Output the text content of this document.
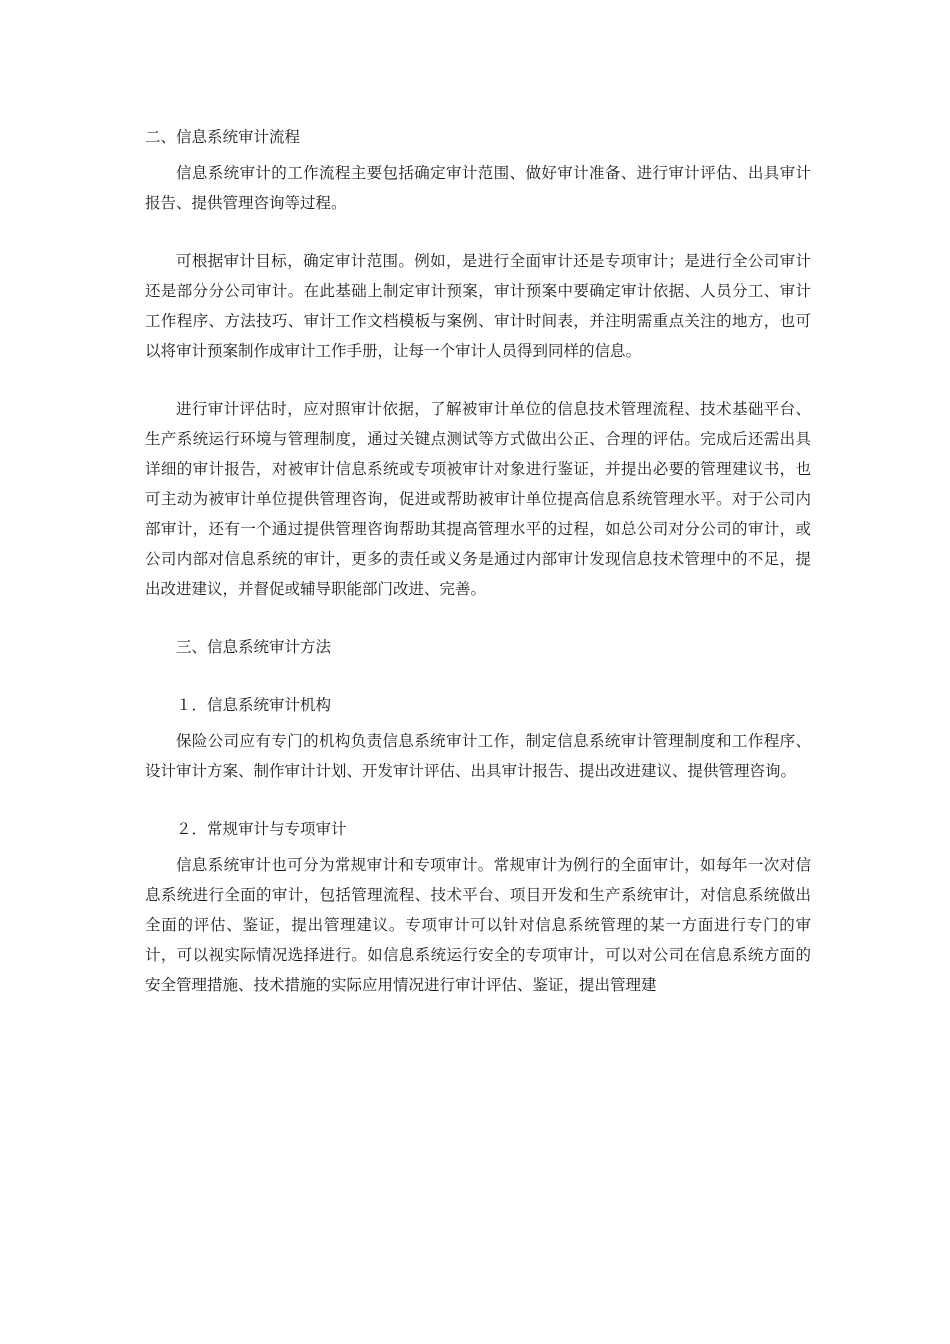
二、信息系统审计流程

信息系统审计的工作流程主要包括确定审计范围、做好审计准备、进行审计评估、出具审计报告、提供管理咨询等过程。

可根据审计目标，确定审计范围。例如，是进行全面审计还是专项审计；是进行全公司审计还是部分分公司审计。在此基础上制定审计预案，审计预案中要确定审计依据、人员分工、审计工作程序、方法技巧、审计工作文档模板与案例、审计时间表，并注明需重点关注的地方，也可以将审计预案制作成审计工作手册，让每一个审计人员得到同样的信息。

进行审计评估时，应对照审计依据，了解被审计单位的信息技术管理流程、技术基础平台、生产系统运行环境与管理制度，通过关键点测试等方式做出公正、合理的评估。完成后还需出具详细的审计报告，对被审计信息系统或专项被审计对象进行鉴证，并提出必要的管理建议书，也可主动为被审计单位提供管理咨询，促进或帮助被审计单位提高信息系统管理水平。对于公司内部审计，还有一个通过提供管理咨询帮助其提高管理水平的过程，如总公司对分公司的审计，或公司内部对信息系统的审计，更多的责任或义务是通过内部审计发现信息技术管理中的不足，提出改进建议，并督促或辅导职能部门改进、完善。

三、信息系统审计方法
１．信息系统审计机构

保险公司应有专门的机构负责信息系统审计工作，制定信息系统审计管理制度和工作程序、设计审计方案、制作审计计划、开发审计评估、出具审计报告、提出改进建议、提供管理咨询。

２．常规审计与专项审计

信息系统审计也可分为常规审计和专项审计。常规审计为例行的全面审计，如每年一次对信息系统进行全面的审计，包括管理流程、技术平台、项目开发和生产系统审计，对信息系统做出全面的评估、鉴证，提出管理建议。专项审计可以针对信息系统管理的某一方面进行专门的审计，可以视实际情况选择进行。如信息系统运行安全的专项审计，可以对公司在信息系统方面的安全管理措施、技术措施的实际应用情况进行审计评估、鉴证，提出管理建
